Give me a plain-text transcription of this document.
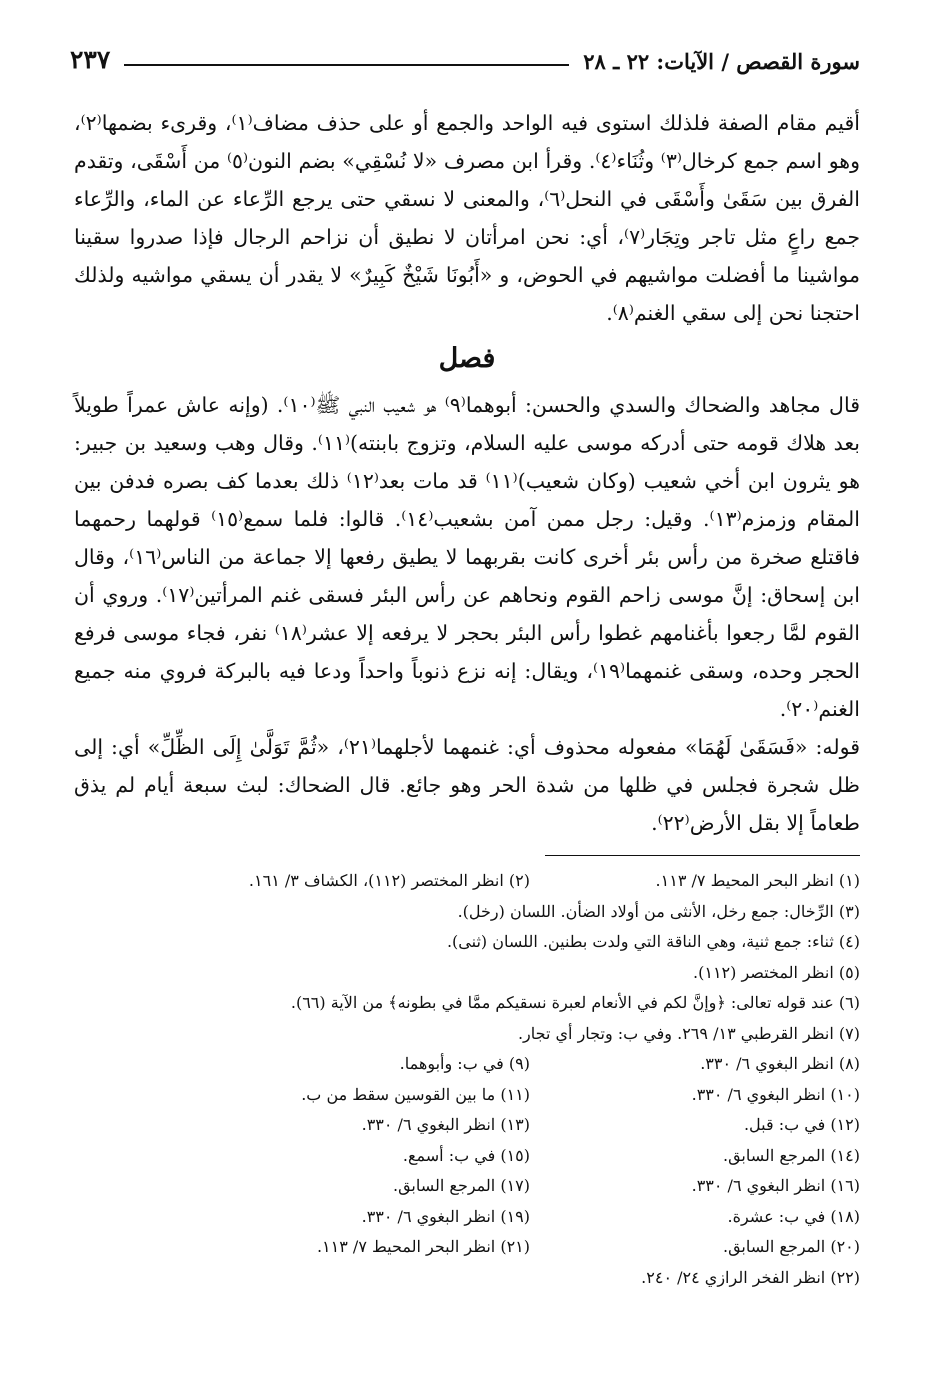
سورة القصص / الآيات: ٢٢ ـ ٢٨
٢٣٧

أقيم مقام الصفة فلذلك استوى فيه الواحد والجمع أو على حذف مضاف⁽١⁾، وقرىء بضمها⁽٢⁾، وهو اسم جمع كرخال⁽٣⁾ وثُنَاء⁽٤⁾. وقرأ ابن مصرف «لا نُسْقِي» بضم النون⁽٥⁾ من أَسْقَى، وتقدم الفرق بين سَقَىٰ وأَسْقَى في النحل⁽٦⁾، والمعنى لا نسقي حتى يرجع الرِّعاء عن الماء، والرِّعاء جمع راعٍ مثل تاجر وتِجَار⁽٧⁾، أي: نحن امرأتان لا نطيق أن نزاحم الرجال فإذا صدروا سقينا مواشينا ما أفضلت مواشيهم في الحوض، و «أَبُونَا شَيْخٌ كَبِيرٌ» لا يقدر أن يسقي مواشيه ولذلك احتجنا نحن إلى سقي الغنم⁽٨⁾.

فصل

قال مجاهد والضحاك والسدي والحسن: أبوهما⁽٩⁾ هو شعيب النبي ﷺ⁽١٠⁾. (وإنه عاش عمراً طويلاً بعد هلاك قومه حتى أدركه موسى عليه السلام، وتزوج بابنته)⁽١١⁾. وقال وهب وسعيد بن جبير: هو يثرون ابن أخي شعيب (وكان شعيب)⁽١١⁾ قد مات بعد⁽١٢⁾ ذلك بعدما كف بصره فدفن بين المقام وزمزم⁽١٣⁾. وقيل: رجل ممن آمن بشعيب⁽١٤⁾. قالوا: فلما سمع⁽١٥⁾ قولهما رحمهما فاقتلع صخرة من رأس بئر أخرى كانت بقربهما لا يطيق رفعها إلا جماعة من الناس⁽١٦⁾، وقال ابن إسحاق: إنَّ موسى زاحم القوم ونحاهم عن رأس البئر فسقى غنم المرأتين⁽١٧⁾. وروي أن القوم لمَّا رجعوا بأغنامهم غطوا رأس البئر بحجر لا يرفعه إلا عشر⁽١٨⁾ نفر، فجاء موسى فرفع الحجر وحده، وسقى غنمهما⁽١٩⁾، ويقال: إنه نزع ذنوباً واحداً ودعا فيه بالبركة فروي منه جميع الغنم⁽٢٠⁾.

قوله: «فَسَقَىٰ لَهُمَا» مفعوله محذوف أي: غنمهما لأجلهما⁽٢١⁾، «ثُمَّ تَوَلَّىٰ إِلَى الظِّلِّ» أي: إلى ظل شجرة فجلس في ظلها من شدة الحر وهو جائع. قال الضحاك: لبث سبعة أيام لم يذق طعاماً إلا بقل الأرض⁽٢٢⁾.

(١) انظر البحر المحيط ٧/ ١١٣.
(٢) انظر المختصر (١١٢)، الكشاف ٣/ ١٦١.
(٣) الرِّخال: جمع رخل، الأنثى من أولاد الضأن. اللسان (رخل).
(٤) ثناء: جمع ثنية، وهي الناقة التي ولدت بطنين. اللسان (ثنى).
(٥) انظر المختصر (١١٢).
(٦) عند قوله تعالى: ﴿وإنَّ لكم في الأنعام لعبرة نسقيكم ممَّا في بطونه﴾ من الآية (٦٦).
(٧) انظر القرطبي ١٣/ ٢٦٩. وفي ب: وتجار أي تجار.
(٨) انظر البغوي ٦/ ٣٣٠.
(٩) في ب: وأبوهما.
(١٠) انظر البغوي ٦/ ٣٣٠.
(١١) ما بين القوسين سقط من ب.
(١٢) في ب: قبل.
(١٣) انظر البغوي ٦/ ٣٣٠.
(١٤) المرجع السابق.
(١٥) في ب: أسمع.
(١٦) انظر البغوي ٦/ ٣٣٠.
(١٧) المرجع السابق.
(١٨) في ب: عشرة.
(١٩) انظر البغوي ٦/ ٣٣٠.
(٢٠) المرجع السابق.
(٢١) انظر البحر المحيط ٧/ ١١٣.
(٢٢) انظر الفخر الرازي ٢٤/ ٢٤٠.
